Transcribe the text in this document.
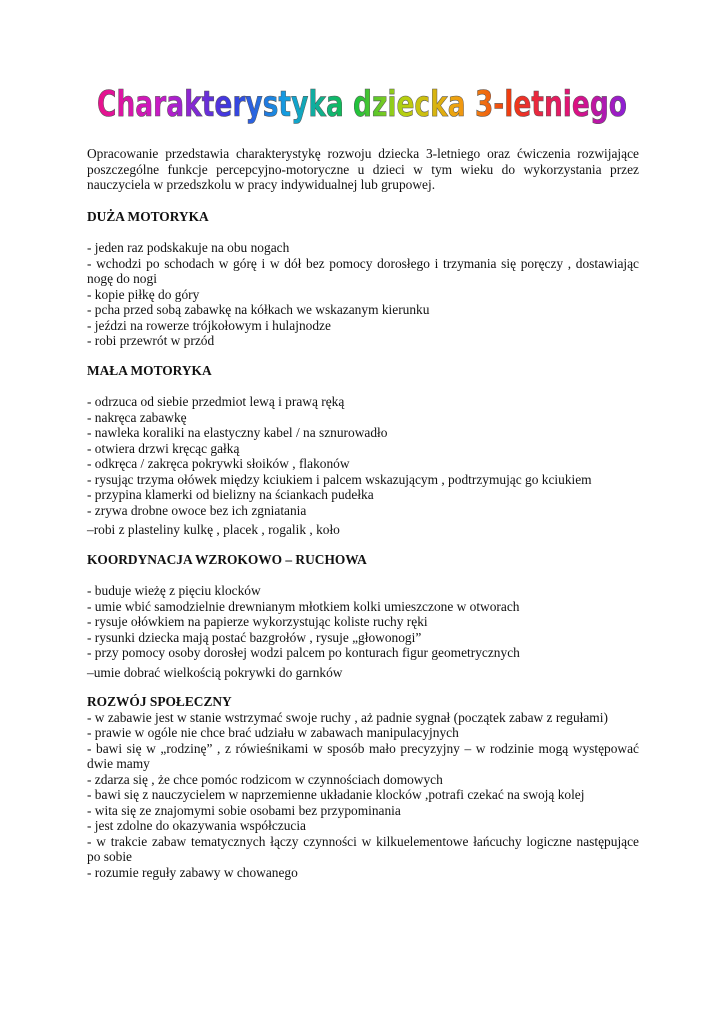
Charakterystyka dziecka 3-letniego

Opracowanie przedstawia charakterystykę rozwoju dziecka 3-letniego oraz ćwiczenia rozwijające poszczególne funkcje percepcyjno-motoryczne u dzieci w tym wieku do wykorzystania przez nauczyciela w przedszkolu w pracy indywidualnej lub grupowej.

DUŻA MOTORYKA
- jeden raz podskakuje na obu nogach
- wchodzi po schodach w górę i w dół bez pomocy dorosłego i trzymania się poręczy , dostawiając nogę do nogi
- kopie piłkę do góry
- pcha przed sobą zabawkę na kółkach we wskazanym kierunku
- jeździ na rowerze trójkołowym i hulajnodze
- robi przewrót w przód
MAŁA MOTORYKA
- odrzuca od siebie przedmiot lewą i prawą ręką
- nakręca zabawkę
- nawleka koraliki na elastyczny kabel / na sznurowadło
- otwiera drzwi kręcąc gałką
- odkręca / zakręca pokrywki słoików , flakonów
- rysując trzyma ołówek między kciukiem i palcem wskazującym , podtrzymując go kciukiem
- przypina klamerki od bielizny na ściankach pudełka
- zrywa drobne owoce bez ich zgniatania
–robi z plasteliny kulkę , placek , rogalik , koło
KOORDYNACJA WZROKOWO – RUCHOWA
- buduje wieżę z pięciu klocków
- umie wbić samodzielnie drewnianym młotkiem kolki umieszczone w otworach
- rysuje ołówkiem na papierze wykorzystując koliste ruchy ręki
- rysunki dziecka mają postać bazgrołów , rysuje „głowonogi”
- przy pomocy osoby dorosłej wodzi palcem po konturach figur geometrycznych
–umie dobrać wielkością pokrywki do garnków
ROZWÓJ SPOŁECZNY
- w zabawie jest w stanie wstrzymać swoje ruchy , aż padnie sygnał (początek zabaw z regułami)
- prawie w ogóle nie chce brać udziału w zabawach manipulacyjnych
- bawi się w „rodzinę” , z rówieśnikami w sposób mało precyzyjny – w rodzinie mogą występować dwie mamy
- zdarza się , że chce pomóc rodzicom w czynnościach domowych
- bawi się z nauczycielem w naprzemienne układanie klocków ,potrafi czekać na swoją kolej
- wita się ze znajomymi sobie osobami bez przypominania
- jest zdolne do okazywania współczucia
- w trakcie zabaw tematycznych łączy czynności w kilkuelementowe łańcuchy logiczne następujące po sobie
- rozumie reguły zabawy w chowanego
